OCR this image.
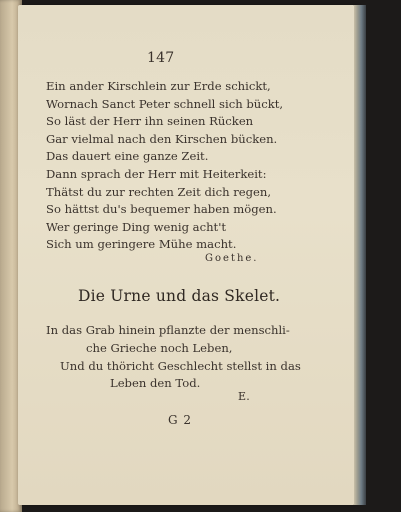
147
Ein ander Kirschlein zur Erde schickt,
Wornach Sanct Peter schnell sich bückt,
So läst der Herr ihn seinen Rücken
Gar vielmal nach den Kirschen bücken.
Das dauert eine ganze Zeit.
Dann sprach der Herr mit Heiterkeit:
Thätst du zur rechten Zeit dich regen,
So hättst du's bequemer haben mögen.
Wer geringe Ding wenig acht't
Sich um geringere Mühe macht.
Goethe.
Die Urne und das Skelet.
In das Grab hinein pflanzte der menschli-
che Grieche noch Leben,
Und du thöricht Geschlecht stellst in das
Leben den Tod.
E.
G 2
